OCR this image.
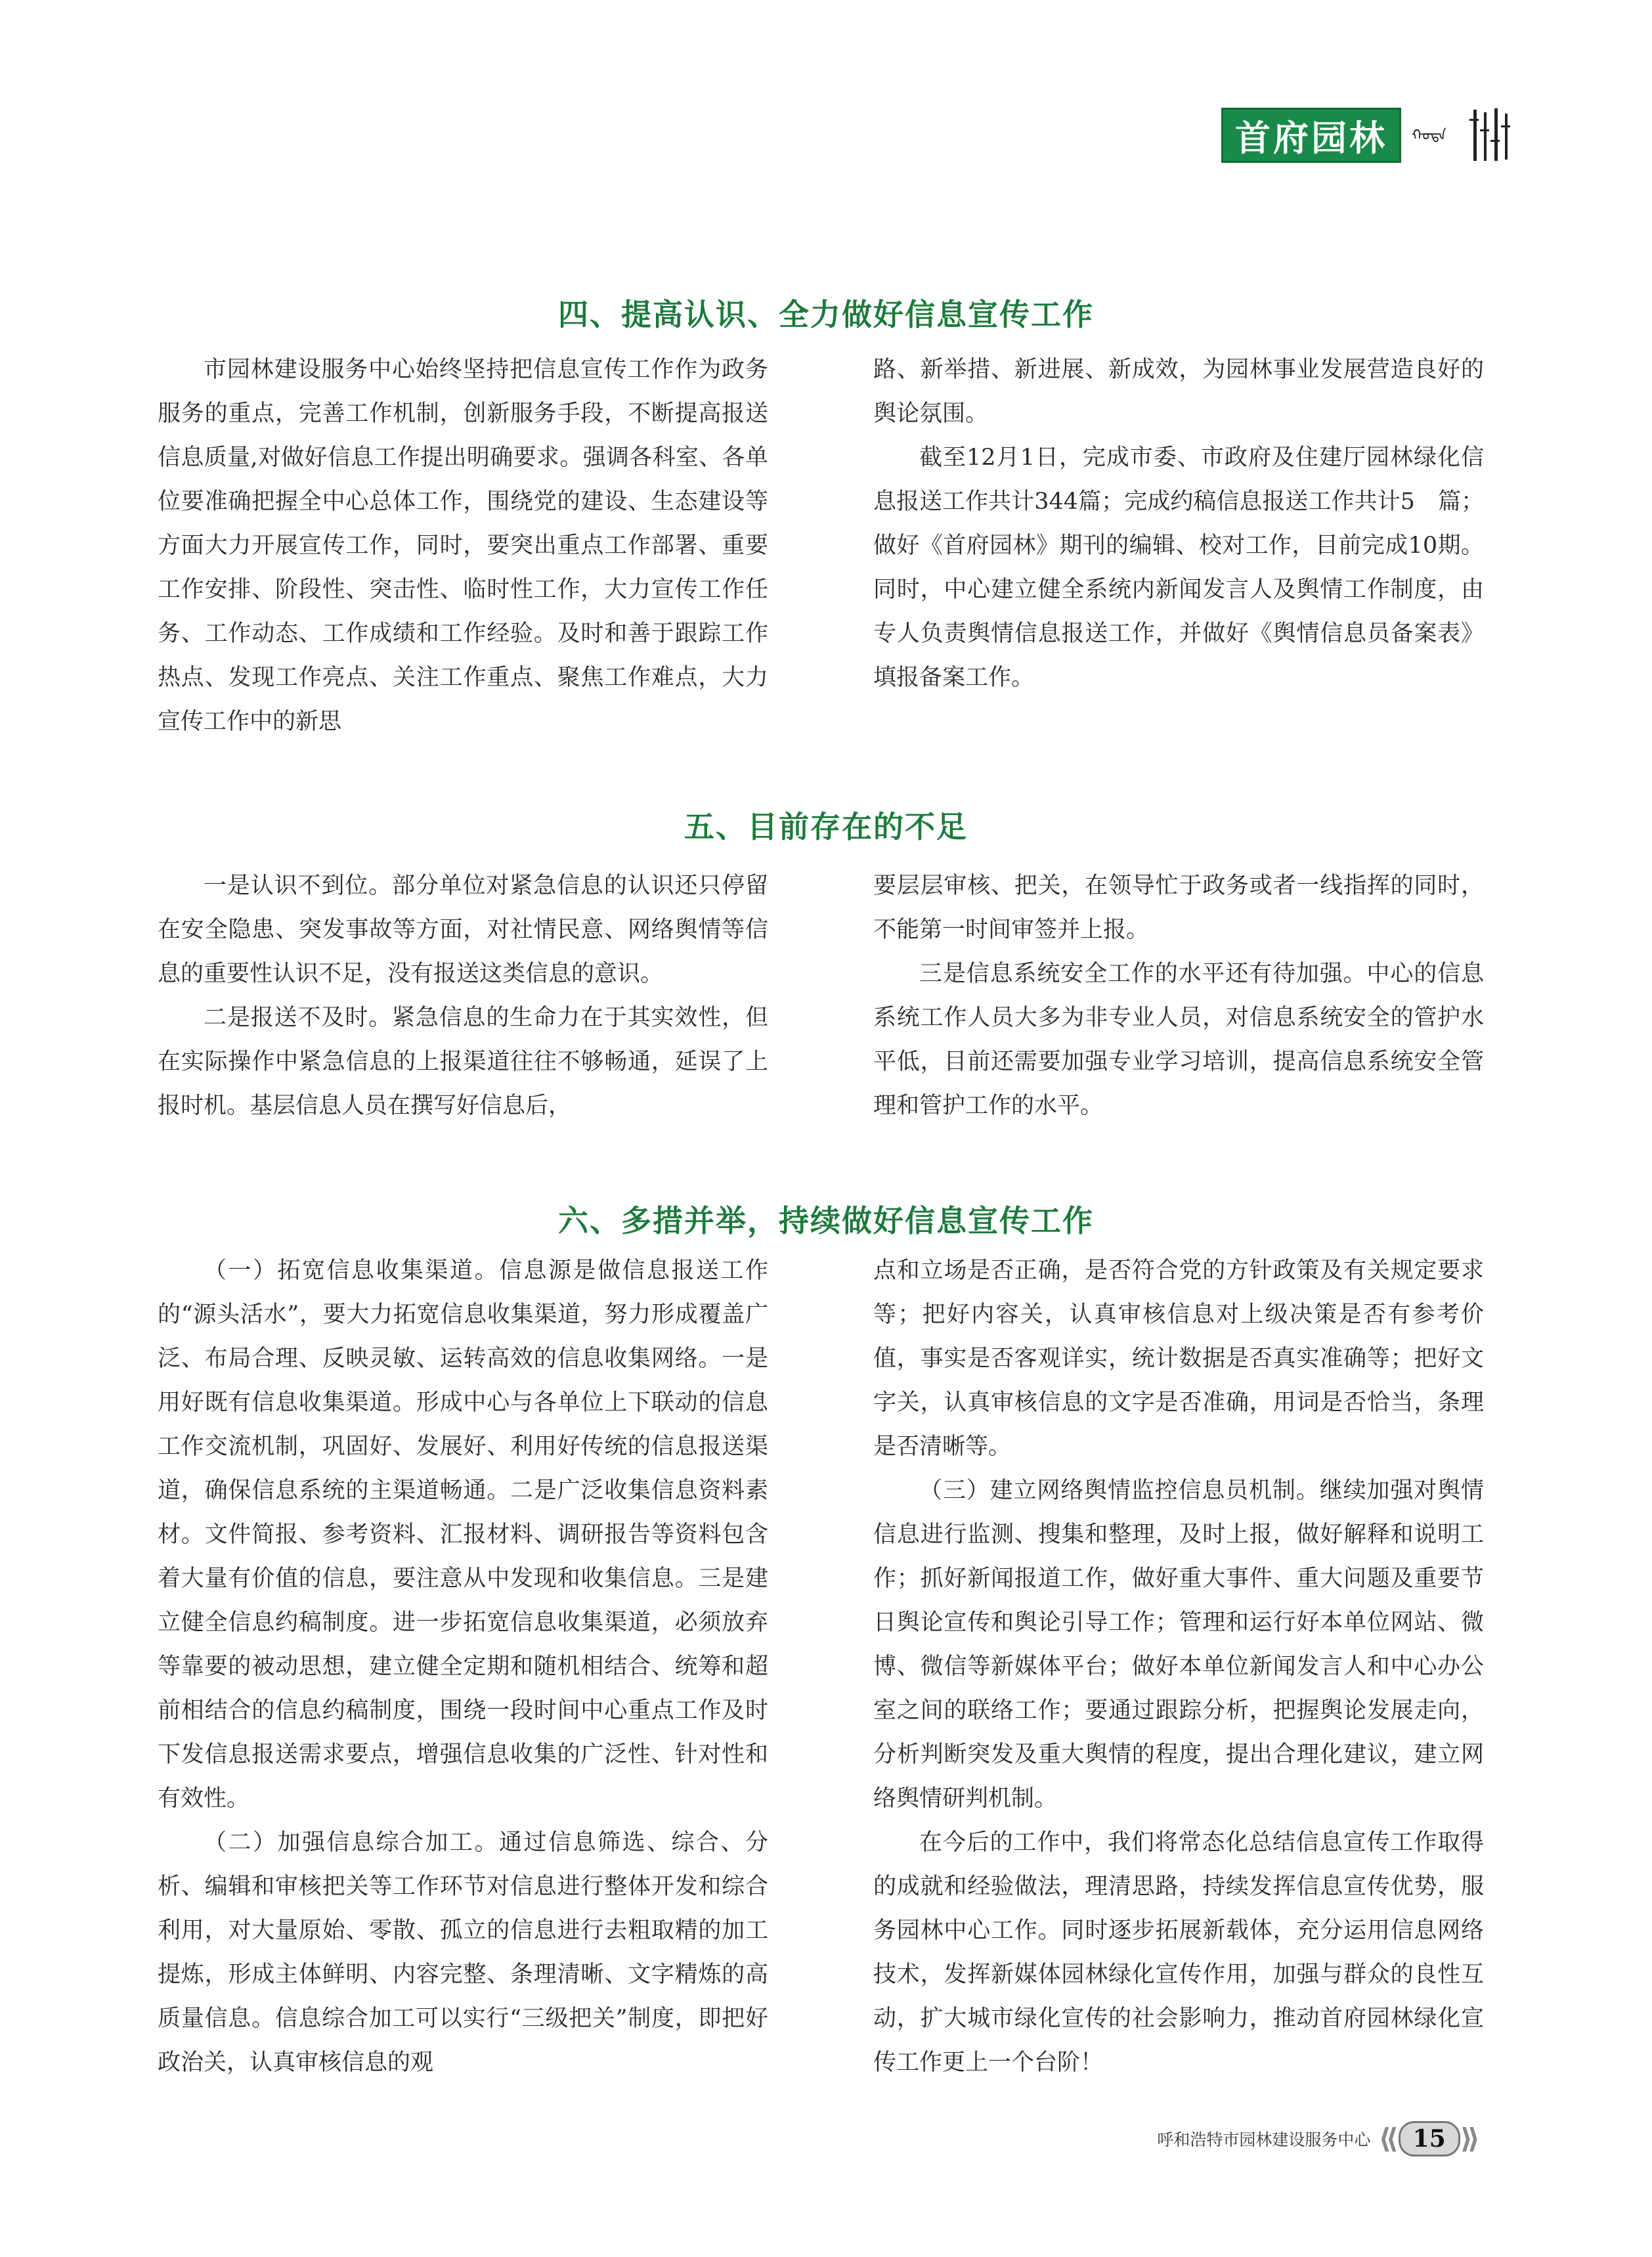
首府园林	ᠬᠣᠲᠠ
四、提高认识、全力做好信息宣传工作

市园林建设服务中心始终坚持把信息宣传工作作为政务服务的重点，完善工作机制，创新服务手段，不断提高报送信息质量,对做好信息工作提出明确要求。强调各科室、各单位要准确把握全中心总体工作，围绕党的建设、生态建设等方面大力开展宣传工作，同时，要突出重点工作部署、重要工作安排、阶段性、突击性、临时性工作，大力宣传工作任务、工作动态、工作成绩和工作经验。及时和善于跟踪工作热点、发现工作亮点、关注工作重点、聚焦工作难点，大力宣传工作中的新思

路、新举措、新进展、新成效，为园林事业发展营造良好的舆论氛围。

截至12月1日，完成市委、市政府及住建厅园林绿化信息报送工作共计344篇；完成约稿信息报送工作共计5　篇；做好《首府园林》期刊的编辑、校对工作，目前完成10期。同时，中心建立健全系统内新闻发言人及舆情工作制度，由专人负责舆情信息报送工作，并做好《舆情信息员备案表》填报备案工作。

五、目前存在的不足

一是认识不到位。部分单位对紧急信息的认识还只停留在安全隐患、突发事故等方面，对社情民意、网络舆情等信息的重要性认识不足，没有报送这类信息的意识。

二是报送不及时。紧急信息的生命力在于其实效性，但在实际操作中紧急信息的上报渠道往往不够畅通，延误了上报时机。基层信息人员在撰写好信息后，

要层层审核、把关，在领导忙于政务或者一线指挥的同时，不能第一时间审签并上报。

三是信息系统安全工作的水平还有待加强。中心的信息系统工作人员大多为非专业人员，对信息系统安全的管护水平低，目前还需要加强专业学习培训，提高信息系统安全管理和管护工作的水平。

六、多措并举，持续做好信息宣传工作

（一）拓宽信息收集渠道。信息源是做信息报送工作的“源头活水”，要大力拓宽信息收集渠道，努力形成覆盖广泛、布局合理、反映灵敏、运转高效的信息收集网络。一是用好既有信息收集渠道。形成中心与各单位上下联动的信息工作交流机制，巩固好、发展好、利用好传统的信息报送渠道，确保信息系统的主渠道畅通。二是广泛收集信息资料素材。文件简报、参考资料、汇报材料、调研报告等资料包含着大量有价值的信息，要注意从中发现和收集信息。三是建立健全信息约稿制度。进一步拓宽信息收集渠道，必须放弃等靠要的被动思想，建立健全定期和随机相结合、统筹和超前相结合的信息约稿制度，围绕一段时间中心重点工作及时下发信息报送需求要点，增强信息收集的广泛性、针对性和有效性。

（二）加强信息综合加工。通过信息筛选、综合、分析、编辑和审核把关等工作环节对信息进行整体开发和综合利用，对大量原始、零散、孤立的信息进行去粗取精的加工提炼，形成主体鲜明、内容完整、条理清晰、文字精炼的高质量信息。信息综合加工可以实行“三级把关”制度，即把好政治关，认真审核信息的观

点和立场是否正确，是否符合党的方针政策及有关规定要求等；把好内容关，认真审核信息对上级决策是否有参考价值，事实是否客观详实，统计数据是否真实准确等；把好文字关，认真审核信息的文字是否准确，用词是否恰当，条理是否清晰等。

（三）建立网络舆情监控信息员机制。继续加强对舆情信息进行监测、搜集和整理，及时上报，做好解释和说明工作；抓好新闻报道工作，做好重大事件、重大问题及重要节日舆论宣传和舆论引导工作；管理和运行好本单位网站、微博、微信等新媒体平台；做好本单位新闻发言人和中心办公室之间的联络工作；要通过跟踪分析，把握舆论发展走向，分析判断突发及重大舆情的程度，提出合理化建议，建立网络舆情研判机制。

在今后的工作中，我们将常态化总结信息宣传工作取得的成就和经验做法，理清思路，持续发挥信息宣传优势，服务园林中心工作。同时逐步拓展新载体，充分运用信息网络技术，发挥新媒体园林绿化宣传作用，加强与群众的良性互动，扩大城市绿化宣传的社会影响力，推动首府园林绿化宣传工作更上一个台阶！

呼和浩特市园林建设服务中心 ⟪ 15 ⟫
